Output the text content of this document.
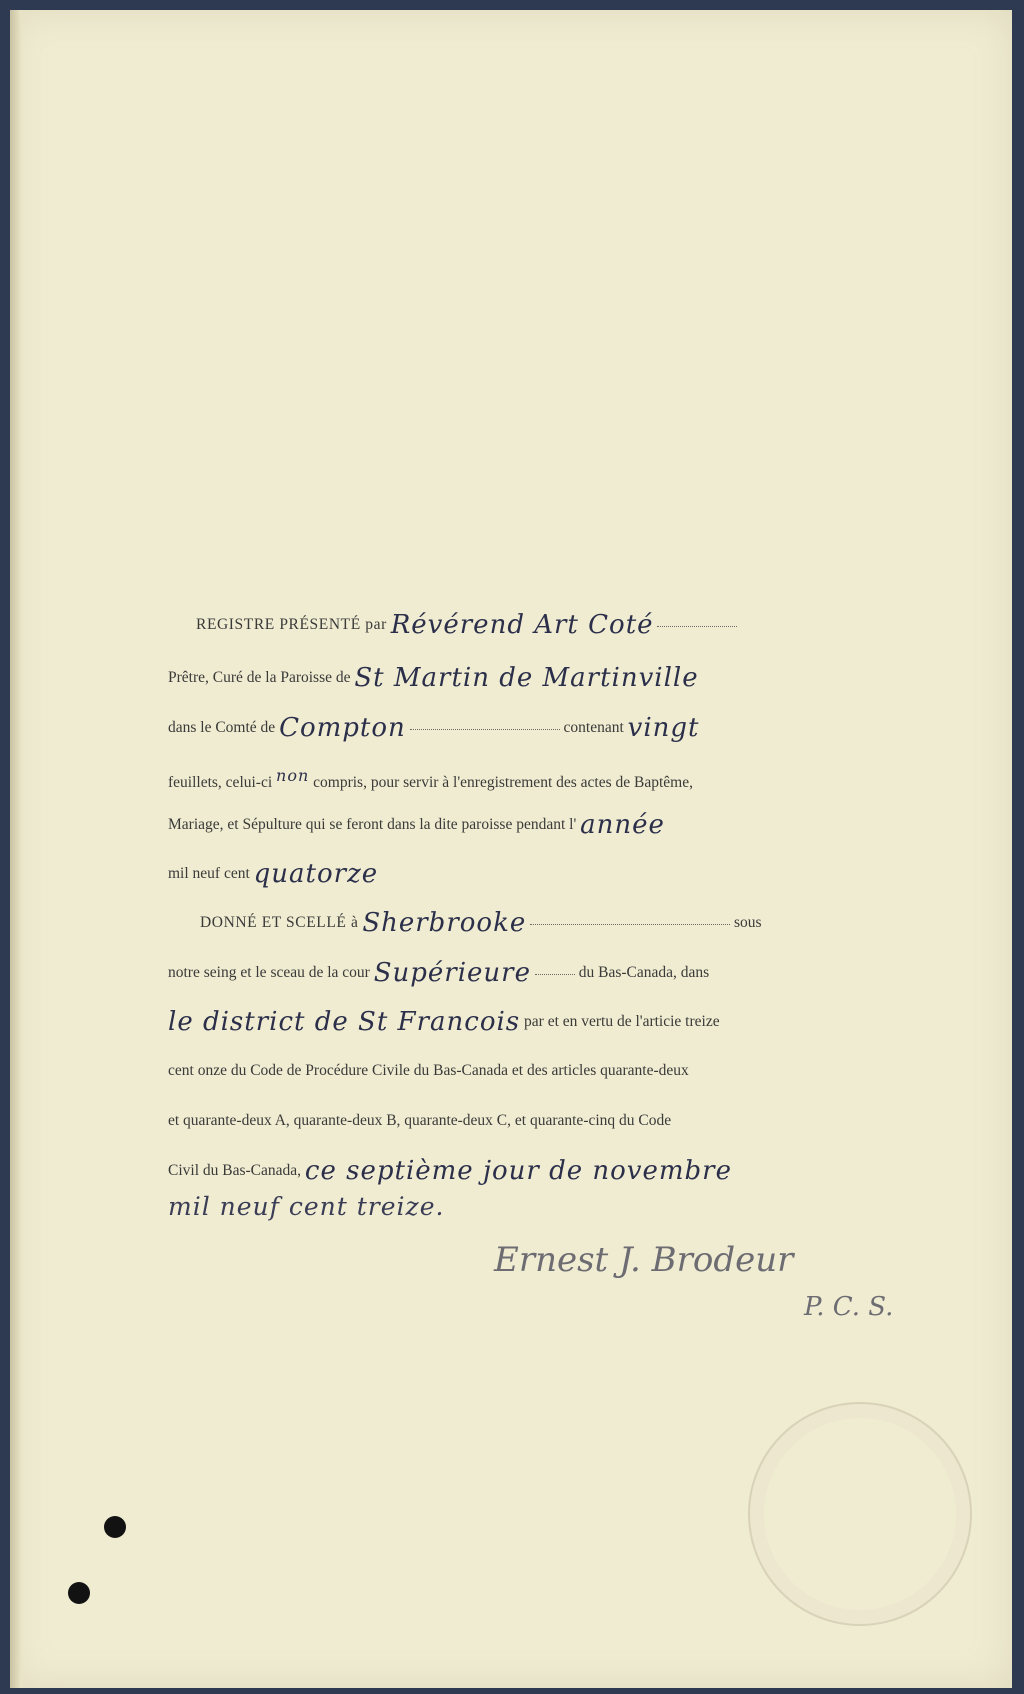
REGISTRE PRÉSENTÉ par Révérend Art Coté
Prêtre, Curé de la Paroisse de St Martin de Martinville
dans le Comté de Compton	contenant vingt
feuillets, celui-ci non compris, pour servir à l'enregistrement des actes de Baptême,
Mariage, et Sépulture qui se feront dans la dite paroisse pendant l' année
mil neuf cent quatorze
DONNÉ ET SCELLÉ à Sherbrooke	sous
notre seing et le sceau de la cour Supérieure	du Bas-Canada, dans
le district de St Francois par et en vertu de l'articie treize
cent onze du Code de Procédure Civile du Bas-Canada et des articles quarante-deux
et quarante-deux A, quarante-deux B, quarante-deux C, et quarante-cinq du Code
Civil du Bas-Canada, ce septième jour de novembre
mil neuf cent treize.
Ernest J. Brodeur
P. C. S.
